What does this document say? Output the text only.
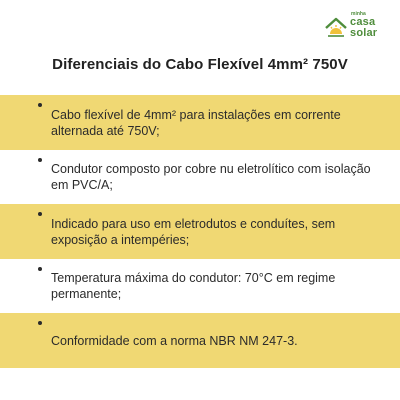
minha
casa
solar
Diferenciais do Cabo Flexível 4mm² 750V
Cabo flexível de 4mm² para instalações em corrente alternada até 750V;
Condutor composto por cobre nu eletrolítico com isolação em PVC/A;
Indicado para uso em eletrodutos e conduítes, sem exposição a intempéries;
Temperatura máxima do condutor: 70°C em regime permanente;
Conformidade com a norma NBR NM 247-3.
